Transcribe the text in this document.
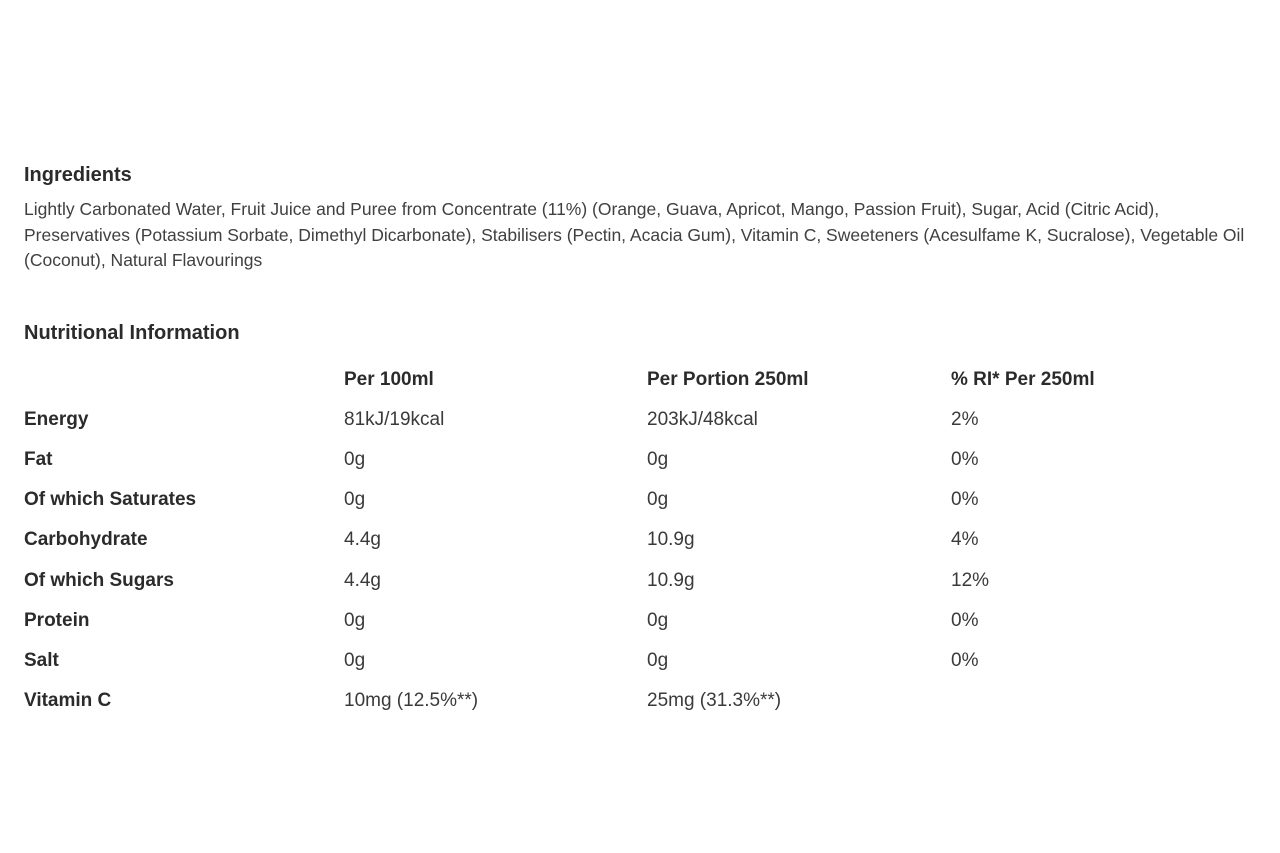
Ingredients

Lightly Carbonated Water, Fruit Juice and Puree from Concentrate (11%) (Orange, Guava, Apricot, Mango, Passion Fruit), Sugar, Acid (Citric Acid), Preservatives (Potassium Sorbate, Dimethyl Dicarbonate), Stabilisers (Pectin, Acacia Gum), Vitamin C, Sweeteners (Acesulfame K, Sucralose), Vegetable Oil (Coconut), Natural Flavourings

Nutritional Information
	Per 100ml	Per Portion 250ml	% RI* Per 250ml
Energy	81kJ/19kcal	203kJ/48kcal	2%
Fat	0g	0g	0%
Of which Saturates	0g	0g	0%
Carbohydrate	4.4g	10.9g	4%
Of which Sugars	4.4g	10.9g	12%
Protein	0g	0g	0%
Salt	0g	0g	0%
Vitamin C	10mg (12.5%**)	25mg (31.3%**)	
